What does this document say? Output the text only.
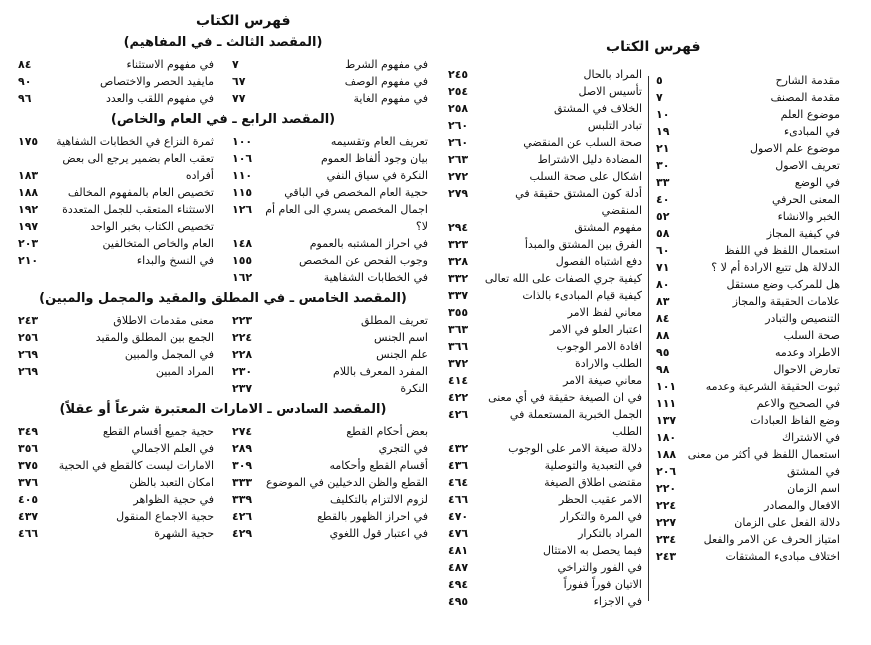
فهرس الكتاب
٥	مقدمة الشارح
٧	مقدمة المصنف
١٠	موضوع العلم
١٩	في المبادىء
٢١	موضوع علم الاصول
٣٠	تعريف الاصول
٣٣	في الوضع
٤٠	المعنى الحرفي
٥٢	الخبر والانشاء
٥٨	في كيفية المجاز
٦٠	استعمال اللفظ في اللفظ
٧١	الدلالة هل تتبع الارادة أم لا ؟
٨٠	هل للمركب وضع مستقل
٨٣	علامات الحقيقة والمجاز
٨٤	التنصيص والتبادر
٨٨	صحة السلب
٩٥	الاطراد وعدمه
٩٨	تعارض الاحوال
١٠١	ثبوت الحقيقة الشرعية وعدمه
١١١	في الصحيح والاعم
١٣٧	وضع الفاظ العبادات
١٨٠	في الاشتراك
١٨٨	استعمال اللفظ في أكثر من معنى
٢٠٦	في المشتق
٢٢٠	اسم الزمان
٢٢٤	الافعال والمصادر
٢٢٧	دلالة الفعل على الزمان
٢٣٤	امتياز الحرف عن الامر والفعل
٢٤٣	اختلاف مبادىء المشتقات
٢٤٥	المراد بالحال
٢٥٤	تأسيس الاصل
٢٥٨	الخلاف في المشتق
٢٦٠	تبادر التلبس
٢٦٠	صحة السلب عن المنقضي
٢٦٣	المضادة دليل الاشتراط
٢٧٢	اشكال على صحة السلب
٢٧٩	أدلة كون المشتق حقيقة في المنقضي
٢٩٤	مفهوم المشتق
٣٢٣	الفرق بين المشتق والمبدأ
٣٢٨	دفع اشتباه الفصول
٣٣٢	كيفية جري الصفات على الله تعالى
٣٣٧	كيفية قيام المبادىء بالذات
٣٥٥	معاني لفظ الامر
٣٦٣	اعتبار العلو في الامر
٣٦٦	افادة الامر الوجوب
٣٧٢	الطلب والارادة
٤١٤	معاني صيغة الامر
٤٢٢	في ان الصيغة حقيقة في أي معنى
٤٢٦	الجمل الخبرية المستعملة في الطلب
٤٣٢	دلالة صيغة الامر على الوجوب
٤٣٦	في التعبدية والتوصلية
٤٦٤	مقتضى اطلاق الصيغة
٤٦٦	الامر عقيب الحظر
٤٧٠	في المرة والتكرار
٤٧٦	المراد بالتكرار
٤٨١	فيما يحصل به الامتثال
٤٨٧	في الفور والتراخي
٤٩٤	الاتيان فوراً ففوراً
٤٩٥	في الاجزاء
فهرس الكتاب
(المقصد الثالث ـ في المفاهيم)
٨٤	في مفهوم الاستثناء
٩٠	مايفيد الحصر والاختصاص
٩٦	في مفهوم اللقب والعدد
٧	في مفهوم الشرط
٦٧	في مفهوم الوصف
٧٧	في مفهوم الغاية
(المقصد الرابع ـ في العام والخاص)
١٧٥	ثمرة النزاع في الخطابات الشفاهية
تعقب العام بضمير يرجع الى بعض
١٨٣	أفراده
١٨٨	تخصيص العام بالمفهوم المخالف
١٩٢	الاستثناء المتعقب للجمل المتعددة
١٩٧	تخصيص الكتاب بخبر الواحد
٢٠٣	العام والخاص المتخالفين
٢١٠	في النسخ والبداء
١٠٠	تعريف العام وتقسيمه
١٠٦	بيان وجود ألفاظ العموم
١١٠	النكرة في سياق النفي
١١٥	حجية العام المخصص في الباقي
١٢٦	اجمال المخصص يسري الى العام أم لا؟
١٤٨	في احراز المشتبه بالعموم
١٥٥	وجوب الفحص عن المخصص
١٦٢	في الخطابات الشفاهية
(المقصد الخامس ـ في المطلق والمقيد والمجمل والمبين)
٢٤٣	معنى مقدمات الاطلاق
٢٥٦	الجمع بين المطلق والمقيد
٢٦٩	في المجمل والمبين
٢٦٩	المراد المبين
٢٢٣	تعريف المطلق
٢٢٤	اسم الجنس
٢٢٨	علم الجنس
٢٣٠	المفرد المعرف باللام
٢٣٧	النكرة
(المقصد السادس ـ الامارات المعتبرة شرعاً أو عقلاً)
٣٤٩	حجية جميع أقسام القطع
٣٥٦	في العلم الاجمالي
٣٧٥	الامارات ليست كالقطع في الحجية
٣٧٦	امكان التعبد بالظن
٤٠٥	في حجية الظواهر
٤٣٧	حجية الاجماع المنقول
٤٦٦	حجية الشهرة
٢٧٤	بعض أحكام القطع
٢٨٩	في التجري
٣٠٩	أقسام القطع وأحكامه
٣٣٣	القطع والظن الدخيلين في الموضوع
٣٣٩	لزوم الالتزام بالتكليف
٤٢٦	في احراز الظهور بالقطع
٤٢٩	في اعتبار قول اللغوي
